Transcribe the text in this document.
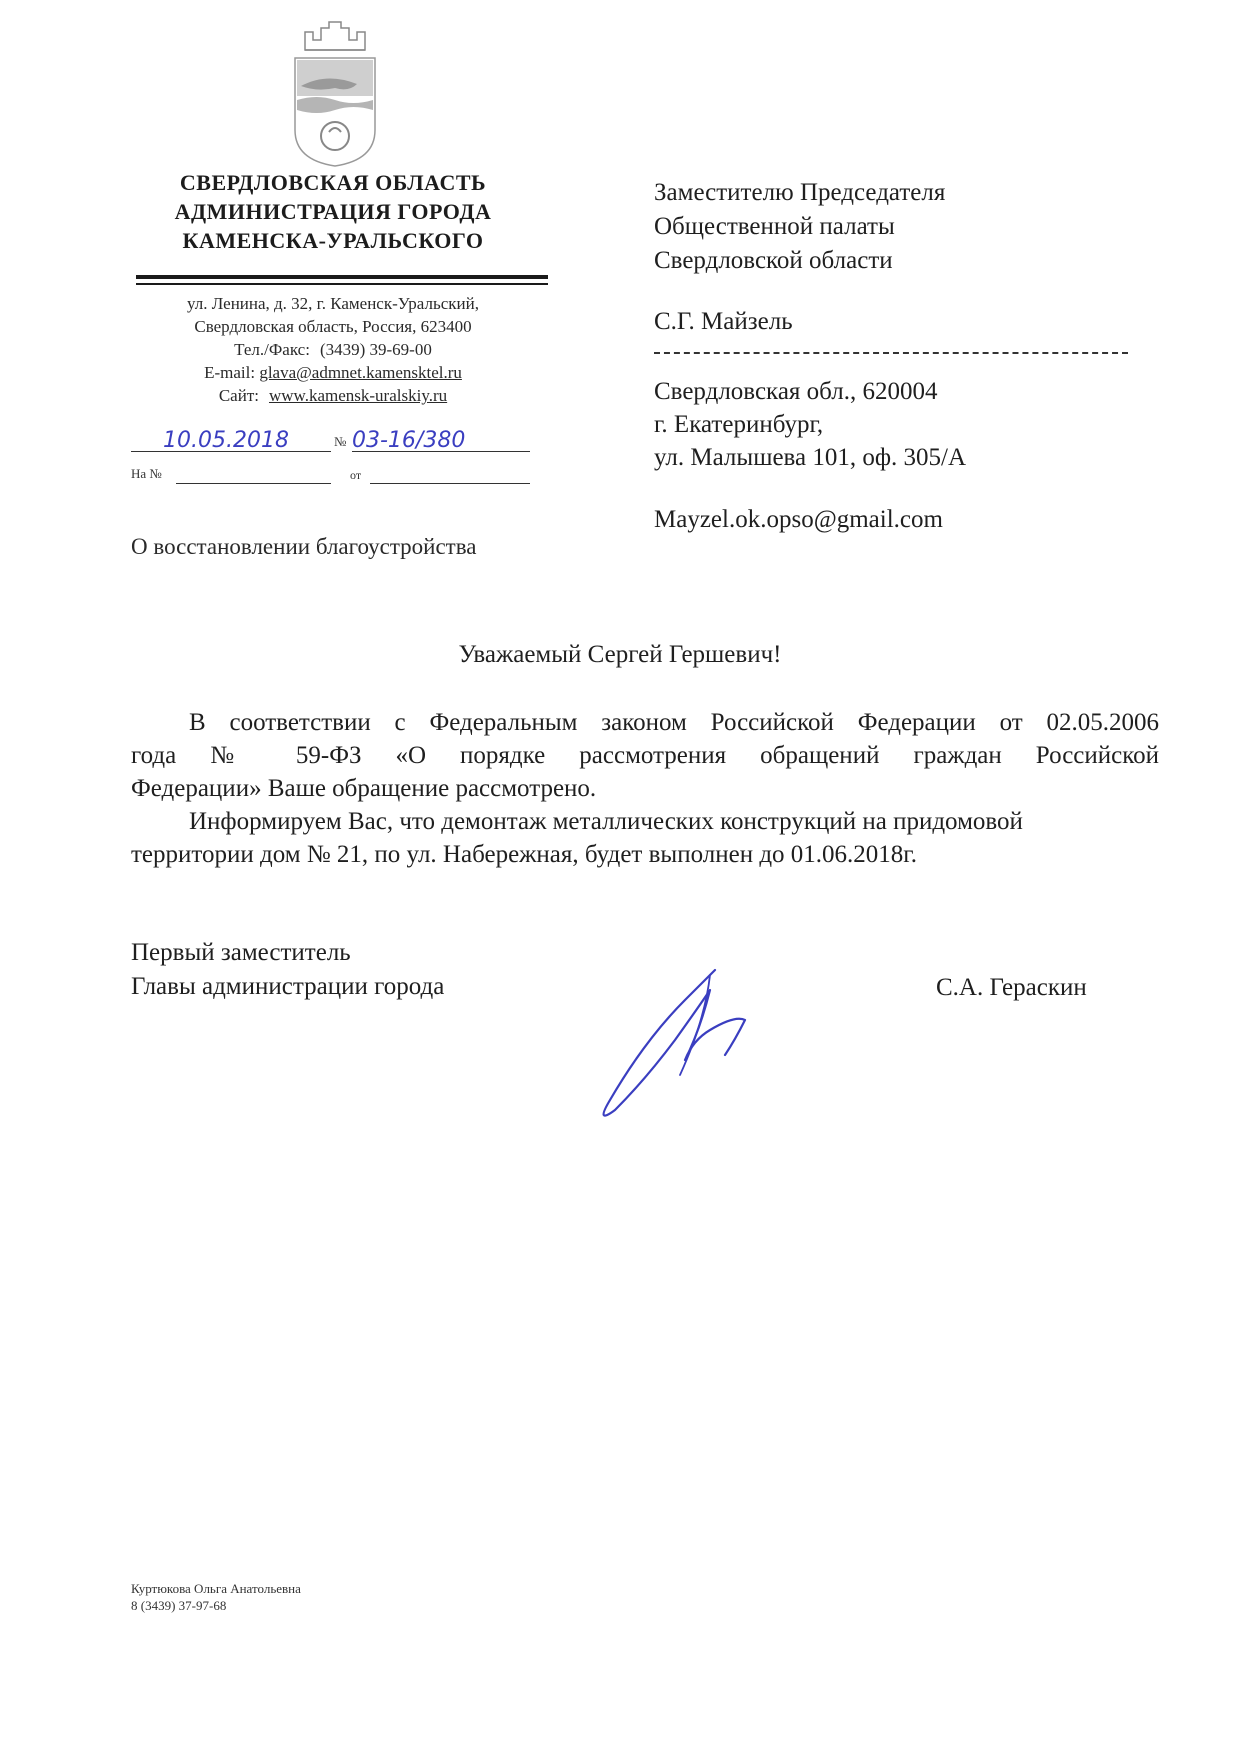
СВЕРДЛОВСКАЯ ОБЛАСТЬ
АДМИНИСТРАЦИЯ ГОРОДА
КАМЕНСКА-УРАЛЬСКОГО
ул. Ленина, д. 32, г. Каменск-Уральский,
Свердловская область, Россия, 623400
Тел./Факс: (3439) 39-69-00
E-mail: glava@admnet.kamensktel.ru
Сайт: www.kamensk-uralskiy.ru
10.05.2018	№ 03-16/380
На №	от
О восстановлении благоустройства
Заместителю Председателя
Общественной палаты
Свердловской области
С.Г. Майзель
Свердловская обл., 620004
г. Екатеринбург,
ул. Малышева 101, оф. 305/А
Mayzel.ok.opso@gmail.com
Уважаемый Сергей Гершевич!
В соответствии с Федеральным законом Российской Федерации от 02.05.2006
года № 59-ФЗ «О порядке рассмотрения обращений граждан Российской
Федерации» Ваше обращение рассмотрено.
Информируем Вас, что демонтаж металлических конструкций на придомовой
территории дом № 21, по ул. Набережная, будет выполнен до 01.06.2018г.
Первый заместитель
Главы администрации города	С.А. Гераскин
Куртюкова Ольга Анатольевна
8 (3439) 37-97-68
